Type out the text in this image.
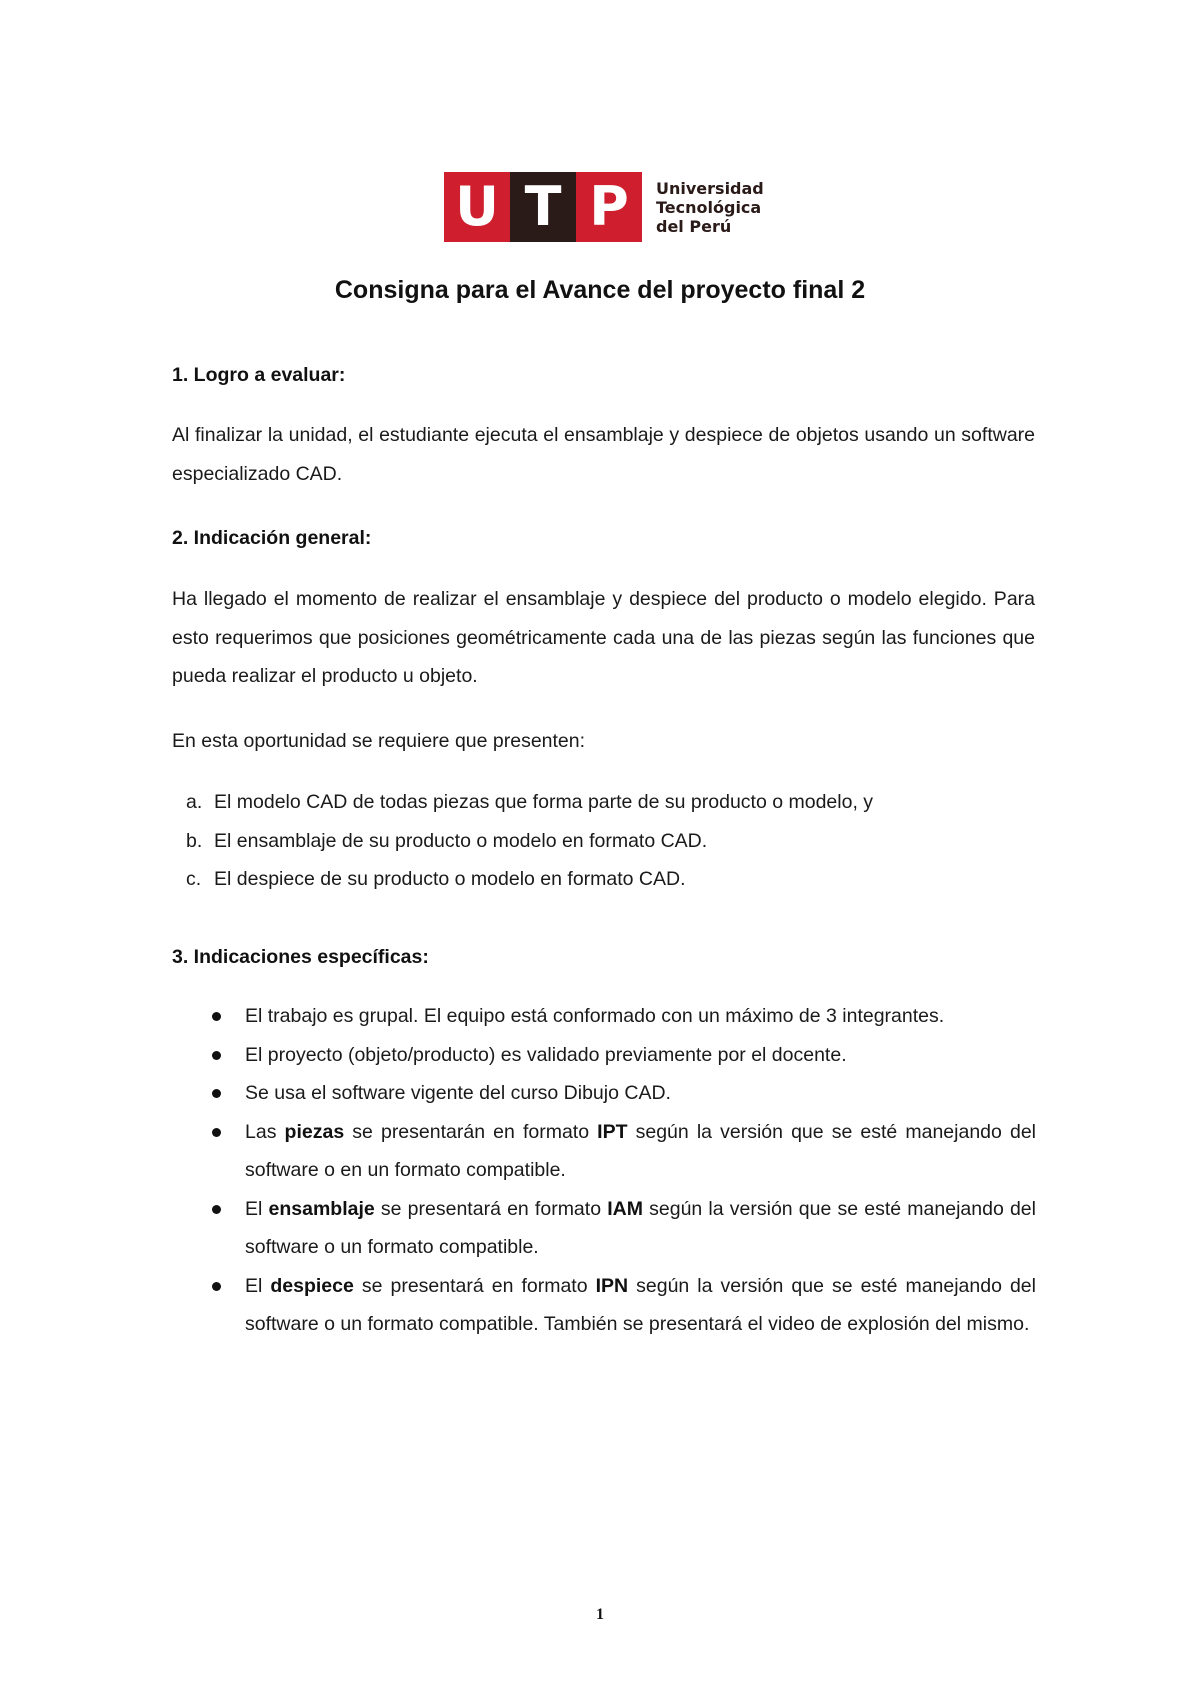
U T P	Universidad
Tecnológica
del Perú
Consigna para el Avance del proyecto final 2
1. Logro a evaluar:
Al finalizar la unidad, el estudiante ejecuta el ensamblaje y despiece de objetos usando un software especializado CAD.
2. Indicación general:
Ha llegado el momento de realizar el ensamblaje y despiece del producto o modelo elegido. Para esto requerimos que posiciones geométricamente cada una de las piezas según las funciones que pueda realizar el producto u objeto.
En esta oportunidad se requiere que presenten:
a. El modelo CAD de todas piezas que forma parte de su producto o modelo, y
b. El ensamblaje de su producto o modelo en formato CAD.
c. El despiece de su producto o modelo en formato CAD.
3. Indicaciones específicas:
El trabajo es grupal. El equipo está conformado con un máximo de 3 integrantes.
El proyecto (objeto/producto) es validado previamente por el docente.
Se usa el software vigente del curso Dibujo CAD.
Las piezas se presentarán en formato IPT según la versión que se esté manejando del software o en un formato compatible.
El ensamblaje se presentará en formato IAM según la versión que se esté manejando del software o un formato compatible.
El despiece se presentará en formato IPN según la versión que se esté manejando del software o un formato compatible. También se presentará el video de explosión del mismo.
1
